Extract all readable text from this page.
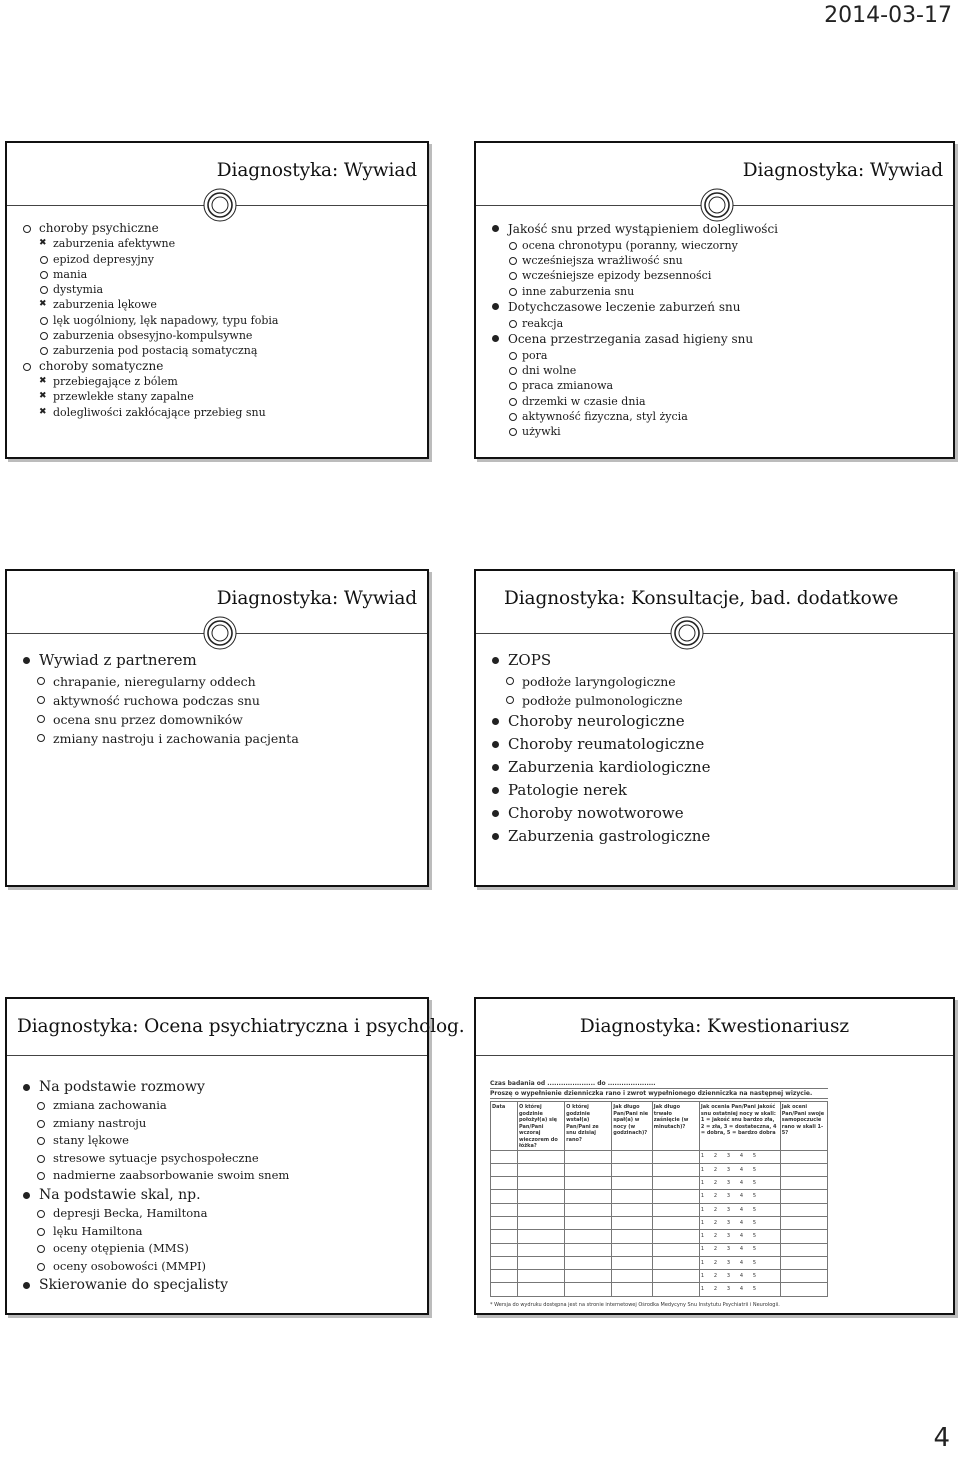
2014-03-17
Diagnostyka: Wywiad
choroby psychiczne
✖ zaburzenia afektywne
epizod depresyjny
mania
dystymia
✖ zaburzenia lękowe
lęk uogólniony, lęk napadowy, typu fobia
zaburzenia obsesyjno-kompulsywne
zaburzenia pod postacią somatyczną
choroby somatyczne
✖ przebiegające z bólem
✖ przewlekłe stany zapalne
✖ dolegliwości zakłócające przebieg snu
Diagnostyka: Wywiad
Jakość snu przed wystąpieniem dolegliwości
ocena chronotypu (poranny, wieczorny
wcześniejsza wrażliwość snu
wcześniejsze epizody bezsenności
inne zaburzenia snu
Dotychczasowe leczenie zaburzeń snu
reakcja
Ocena przestrzegania zasad higieny snu
pora
dni wolne
praca zmianowa
drzemki w czasie dnia
aktywność fizyczna, styl życia
używki
Diagnostyka: Wywiad
Wywiad z partnerem
chrapanie, nieregularny oddech
aktywność ruchowa podczas snu
ocena snu przez domowników
zmiany nastroju i zachowania pacjenta
Diagnostyka: Konsultacje, bad. dodatkowe
ZOPS
podłoże laryngologiczne
podłoże pulmonologiczne
Choroby neurologiczne
Choroby reumatologiczne
Zaburzenia kardiologiczne
Patologie nerek
Choroby nowotworowe
Zaburzenia gastrologiczne
Diagnostyka: Ocena psychiatryczna i psycholog.
Na podstawie rozmowy
zmiana zachowania
zmiany nastroju
stany lękowe
stresowe sytuacje psychospołeczne
nadmierne zaabsorbowanie swoim snem
Na podstawie skal, np.
depresji Becka, Hamiltona
lęku Hamiltona
oceny otępienia (MMS)
oceny osobowości (MMPI)
Skierowanie do specjalisty
Diagnostyka: Kwestionariusz
Czas badania od ..................... do .....................
Proszę o wypełnienie dzienniczka rano i zwrot wypełnionego dzienniczka na następnej wizycie.
Data	O której godzinie położył(a) się Pan/Pani wczoraj wieczorem do łóżka?	O której godzinie wstał(a) Pan/Pani ze snu dzisiaj rano?	Jak długo Pan/Pani nie spał(a) w nocy (w godzinach)?	Jak długo trwało zaśnięcie (w minutach)?	Jak ocenia Pan/Pani jakość snu ostatniej nocy w skali: 1 = jakość snu bardzo zła, 2 = zła, 3 = dostateczna, 4 = dobra, 5 = bardzo dobra	Jak oceni Pan/Pani swoje samopoczucie rano w skali 1-5?
					1 2 3 4 5	
					1 2 3 4 5	
					1 2 3 4 5	
					1 2 3 4 5	
					1 2 3 4 5	
					1 2 3 4 5	
					1 2 3 4 5	
					1 2 3 4 5	
					1 2 3 4 5	
					1 2 3 4 5	
					1 2 3 4 5	
* Wersja do wydruku dostępna jest na stronie internetowej Ośrodka Medycyny Snu Instytutu Psychiatrii i Neurologii.
4
